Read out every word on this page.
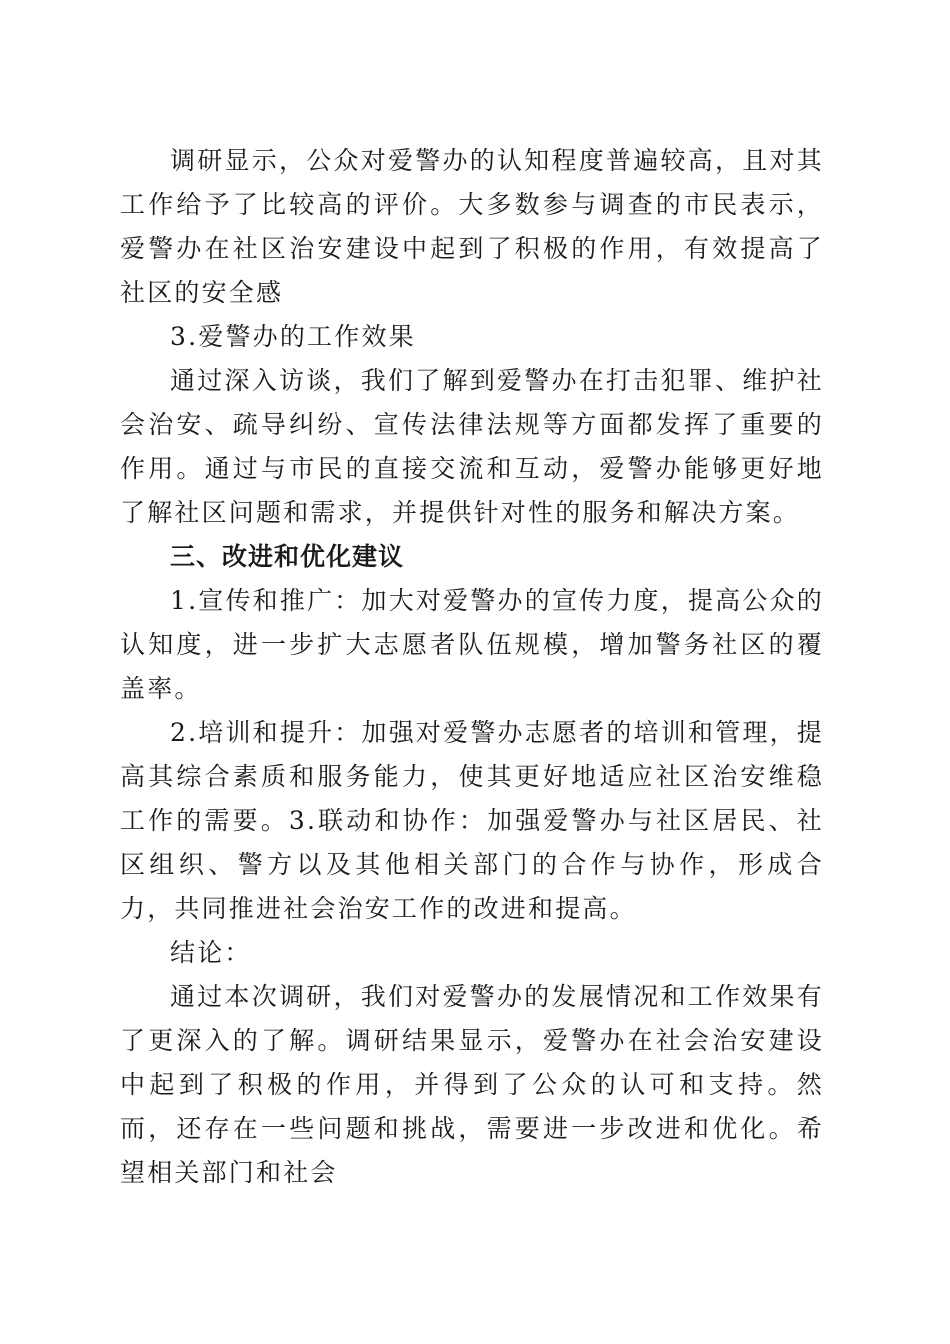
调研显示，公众对爱警办的认知程度普遍较高，且对其工作给予了比较高的评价。大多数参与调查的市民表示，爱警办在社区治安建设中起到了积极的作用，有效提高了社区的安全感

3.爱警办的工作效果

通过深入访谈，我们了解到爱警办在打击犯罪、维护社会治安、疏导纠纷、宣传法律法规等方面都发挥了重要的作用。通过与市民的直接交流和互动，爱警办能够更好地了解社区问题和需求，并提供针对性的服务和解决方案。

三、改进和优化建议

1.宣传和推广：加大对爱警办的宣传力度，提高公众的认知度，进一步扩大志愿者队伍规模，增加警务社区的覆盖率。

2.培训和提升：加强对爱警办志愿者的培训和管理，提高其综合素质和服务能力，使其更好地适应社区治安维稳工作的需要。3.联动和协作：加强爱警办与社区居民、社区组织、警方以及其他相关部门的合作与协作，形成合力，共同推进社会治安工作的改进和提高。

结论：

通过本次调研，我们对爱警办的发展情况和工作效果有了更深入的了解。调研结果显示，爱警办在社会治安建设中起到了积极的作用，并得到了公众的认可和支持。然而，还存在一些问题和挑战，需要进一步改进和优化。希望相关部门和社会
